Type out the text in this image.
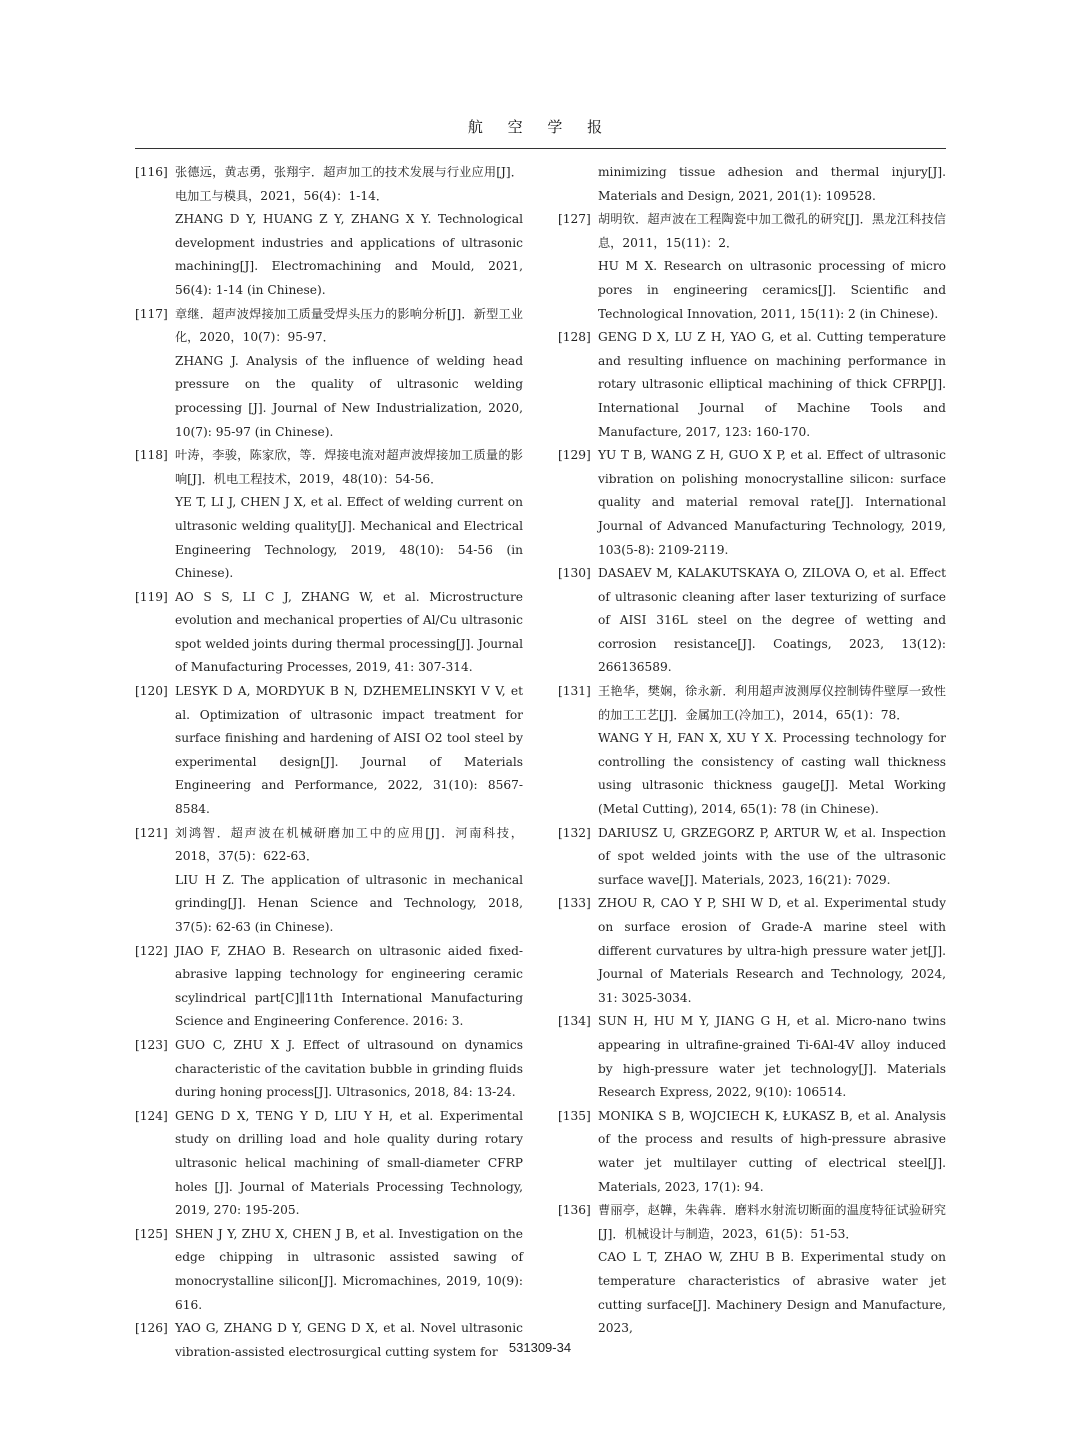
航 空 学 报
[116] 张德远，黄志勇，张翔宇．超声加工的技术发展与行业应用[J]．电加工与模具，2021，56(4)：1-14．
ZHANG D Y, HUANG Z Y, ZHANG X Y. Technological development industries and applications of ultrasonic machining[J]. Electromachining and Mould, 2021, 56(4): 1-14 (in Chinese).
[117] 章继．超声波焊接加工质量受焊头压力的影响分析[J]．新型工业化，2020，10(7)：95-97．
ZHANG J. Analysis of the influence of welding head pressure on the quality of ultrasonic welding processing [J]. Journal of New Industrialization, 2020, 10(7): 95-97 (in Chinese).
[118] 叶涛，李骏，陈家欣，等．焊接电流对超声波焊接加工质量的影响[J]．机电工程技术，2019，48(10)：54-56．
YE T, LI J, CHEN J X, et al. Effect of welding current on ultrasonic welding quality[J]. Mechanical and Electrical Engineering Technology, 2019, 48(10): 54-56 (in Chinese).
[119] AO S S, LI C J, ZHANG W, et al. Microstructure evolution and mechanical properties of Al/Cu ultrasonic spot welded joints during thermal processing[J]. Journal of Manufacturing Processes, 2019, 41: 307-314.
[120] LESYK D A, MORDYUK B N, DZHEMELINSKYI V V, et al. Optimization of ultrasonic impact treatment for surface finishing and hardening of AISI O2 tool steel by experimental design[J]. Journal of Materials Engineering and Performance, 2022, 31(10): 8567-8584.
[121] 刘鸿智．超声波在机械研磨加工中的应用[J]．河南科技，2018，37(5)：622-63．
LIU H Z. The application of ultrasonic in mechanical grinding[J]. Henan Science and Technology, 2018, 37(5): 62-63 (in Chinese).
[122] JIAO F, ZHAO B. Research on ultrasonic aided fixed-abrasive lapping technology for engineering ceramic scylindrical part[C]∥11th International Manufacturing Science and Engineering Conference. 2016: 3.
[123] GUO C, ZHU X J. Effect of ultrasound on dynamics characteristic of the cavitation bubble in grinding fluids during honing process[J]. Ultrasonics, 2018, 84: 13-24.
[124] GENG D X, TENG Y D, LIU Y H, et al. Experimental study on drilling load and hole quality during rotary ultrasonic helical machining of small-diameter CFRP holes [J]. Journal of Materials Processing Technology, 2019, 270: 195-205.
[125] SHEN J Y, ZHU X, CHEN J B, et al. Investigation on the edge chipping in ultrasonic assisted sawing of monocrystalline silicon[J]. Micromachines, 2019, 10(9): 616.
[126] YAO G, ZHANG D Y, GENG D X, et al. Novel ultrasonic vibration-assisted electrosurgical cutting system for
minimizing tissue adhesion and thermal injury[J]. Materials and Design, 2021, 201(1): 109528.
[127] 胡明钦．超声波在工程陶瓷中加工微孔的研究[J]．黑龙江科技信息，2011，15(11)：2．
HU M X. Research on ultrasonic processing of micro pores in engineering ceramics[J]. Scientific and Technological Innovation, 2011, 15(11): 2 (in Chinese).
[128] GENG D X, LU Z H, YAO G, et al. Cutting temperature and resulting influence on machining performance in rotary ultrasonic elliptical machining of thick CFRP[J]. International Journal of Machine Tools and Manufacture, 2017, 123: 160-170.
[129] YU T B, WANG Z H, GUO X P, et al. Effect of ultrasonic vibration on polishing monocrystalline silicon: surface quality and material removal rate[J]. International Journal of Advanced Manufacturing Technology, 2019, 103(5-8): 2109-2119.
[130] DASAEV M, KALAKUTSKAYA O, ZILOVA O, et al. Effect of ultrasonic cleaning after laser texturizing of surface of AISI 316L steel on the degree of wetting and corrosion resistance[J]. Coatings, 2023, 13(12): 266136589.
[131] 王艳华，樊娴，徐永新．利用超声波测厚仪控制铸件壁厚一致性的加工工艺[J]．金属加工(冷加工)，2014，65(1)：78．
WANG Y H, FAN X, XU Y X. Processing technology for controlling the consistency of casting wall thickness using ultrasonic thickness gauge[J]. Metal Working (Metal Cutting), 2014, 65(1): 78 (in Chinese).
[132] DARIUSZ U, GRZEGORZ P, ARTUR W, et al. Inspection of spot welded joints with the use of the ultrasonic surface wave[J]. Materials, 2023, 16(21): 7029.
[133] ZHOU R, CAO Y P, SHI W D, et al. Experimental study on surface erosion of Grade-A marine steel with different curvatures by ultra-high pressure water jet[J]. Journal of Materials Research and Technology, 2024, 31: 3025-3034.
[134] SUN H, HU M Y, JIANG G H, et al. Micro-nano twins appearing in ultrafine-grained Ti-6Al-4V alloy induced by high-pressure water jet technology[J]. Materials Research Express, 2022, 9(10): 106514.
[135] MONIKA S B, WOJCIECH K, ŁUKASZ B, et al. Analysis of the process and results of high-pressure abrasive water jet multilayer cutting of electrical steel[J]. Materials, 2023, 17(1): 94.
[136] 曹丽亭，赵韡，朱犇犇．磨料水射流切断面的温度特征试验研究[J]．机械设计与制造，2023，61(5)：51-53．
CAO L T, ZHAO W, ZHU B B. Experimental study on temperature characteristics of abrasive water jet cutting surface[J]. Machinery Design and Manufacture, 2023,
531309-34
